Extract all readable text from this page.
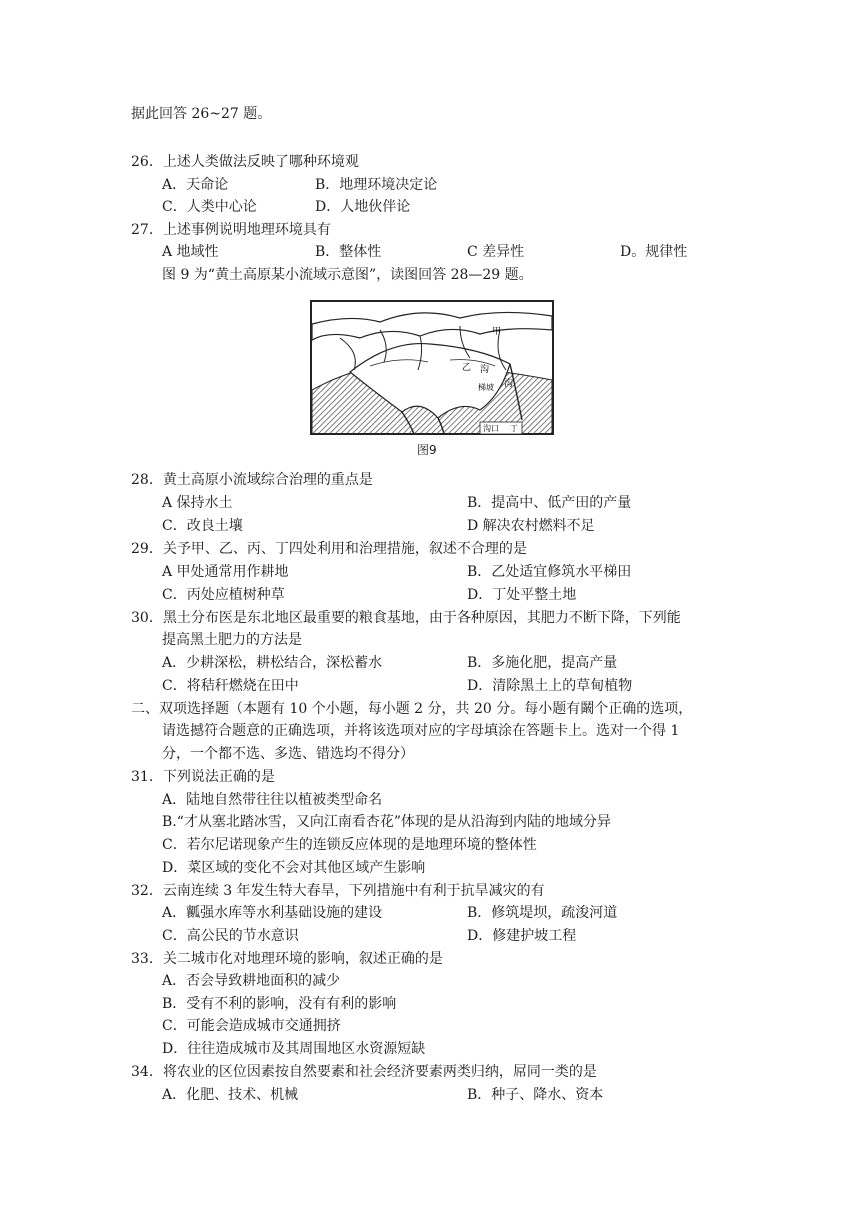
据此回答 26~27 题。
26．上述人类做法反映了哪种环境观
A．天命论	B．地理环境决定论
C．人类中心论	D．人地伙伴论
27．上述事例说明地理环境具有
A 地域性	B．整体性	C 差异性	D。规律性
图 9 为“黄土高原某小流域示意图”，读图回答 28—29 题。
甲
乙 沟
梯坡 沟
沟口 丁
图9
28．黄土高原小流域综合治理的重点是
A 保持水土	B．提高中、低产田的产量
C．改良土壤	D 解决农村燃料不足
29．关予甲、乙、丙、丁四处利用和治理措施，叙述不合理的是
A 甲处通常用作耕地	B．乙处适宜修筑水平梯田
C．丙处应植树种草	D．丁处平整土地
30．黑土分布医是东北地区最重要的粮食基地，由于各种原因，其肥力不断下降，下列能
提高黑土肥力的方法是
A．少耕深松，耕松结合，深松蓄水	B．多施化肥，提高产量
C．将秸秆燃烧在田中	D．清除黑土上的草甸植物
二、双项选择题（本题有 10 个小题，每小题 2 分，共 20 分。每小题有鬫个正确的选项，
请选撼符合题意的正确选项，并将该选项对应的字母填涂在答题卡上。选对一个得 1
分，一个都不选、多选、错选均不得分）
31．下列说法正确的是
A．陆地自然带往往以植被类型命名
B.“才从塞北踏冰雪，又向江南看杏花”体现的是从沿海到内陆的地域分异
C．若尔尼诺现象产生的连锁反应体现的是地理环境的整体性
D．菜区域的变化不会对其他区域产生影响
32．云南连续 3 年发生特大春旱，下列措施中有利于抗旱减灾的有
A．瓤强水库等水利基础设施的建设	B．修筑堤坝，疏浚河道
C．高公民的节水意识	D．修建护坡工程
33．关二城市化对地理环境的影响，叙述正确的是
A．否会导致耕地面积的减少
B．受有不利的影响，没有有利的影响
C．可能会造成城市交通拥挤
D．往往造成城市及其周围地区水资源短缺
34．将农业的区位因素按自然要素和社会经济要素两类归纳，屌同一类的是
A．化肥、技术、机械	B．种子、降水、资本
